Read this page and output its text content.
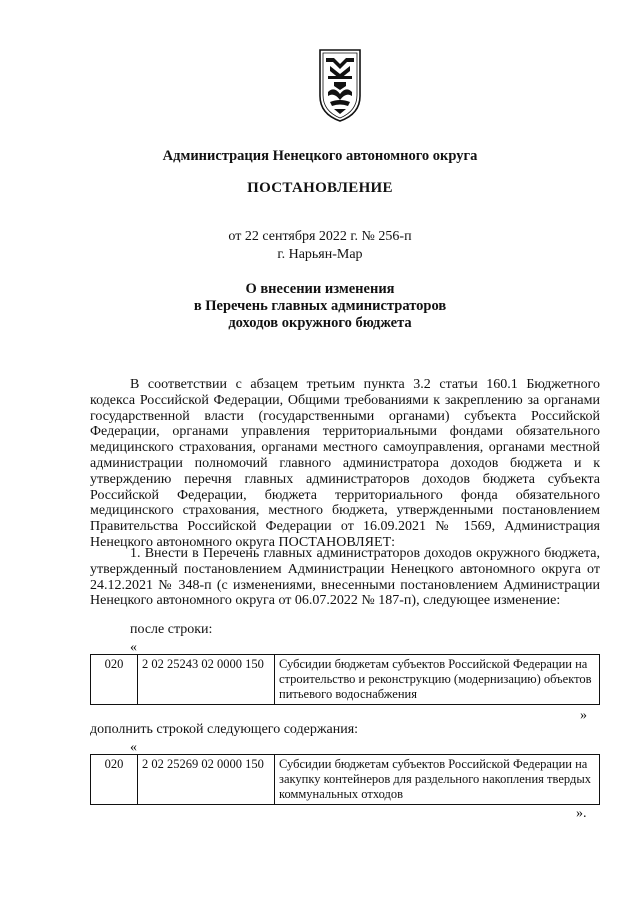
Администрация Ненецкого автономного округа
ПОСТАНОВЛЕНИЕ
от 22 сентября 2022 г. № 256-п
г. Нарьян-Мар
О внесении изменения
в Перечень главных администраторов
доходов окружного бюджета
В соответствии с абзацем третьим пункта 3.2 статьи 160.1 Бюджетного кодекса Российской Федерации, Общими требованиями к закреплению за органами государственной власти (государственными органами) субъекта Российской Федерации, органами управления территориальными фондами обязательного медицинского страхования, органами местного самоуправления, органами местной администрации полномочий главного администратора доходов бюджета и к утверждению перечня главных администраторов доходов бюджета субъекта Российской Федерации, бюджета территориального фонда обязательного медицинского страхования, местного бюджета, утвержденными постановлением Правительства Российской Федерации от 16.09.2021 № 1569, Администрация Ненецкого автономного округа ПОСТАНОВЛЯЕТ:
1. Внести в Перечень главных администраторов доходов окружного бюджета, утвержденный постановлением Администрации Ненецкого автономного округа от 24.12.2021 № 348-п (с изменениями, внесенными постановлением Администрации Ненецкого автономного округа от 06.07.2022 № 187-п), следующее изменение:
после строки:
«
020	2 02 25243 02 0000 150	Субсидии бюджетам субъектов Российской Федерации на строительство и реконструкцию (модернизацию) объектов питьевого водоснабжения
»
дополнить строкой следующего содержания:
«
020	2 02 25269 02 0000 150	Субсидии бюджетам субъектов Российской Федерации на закупку контейнеров для раздельного накопления твердых коммунальных отходов
».
